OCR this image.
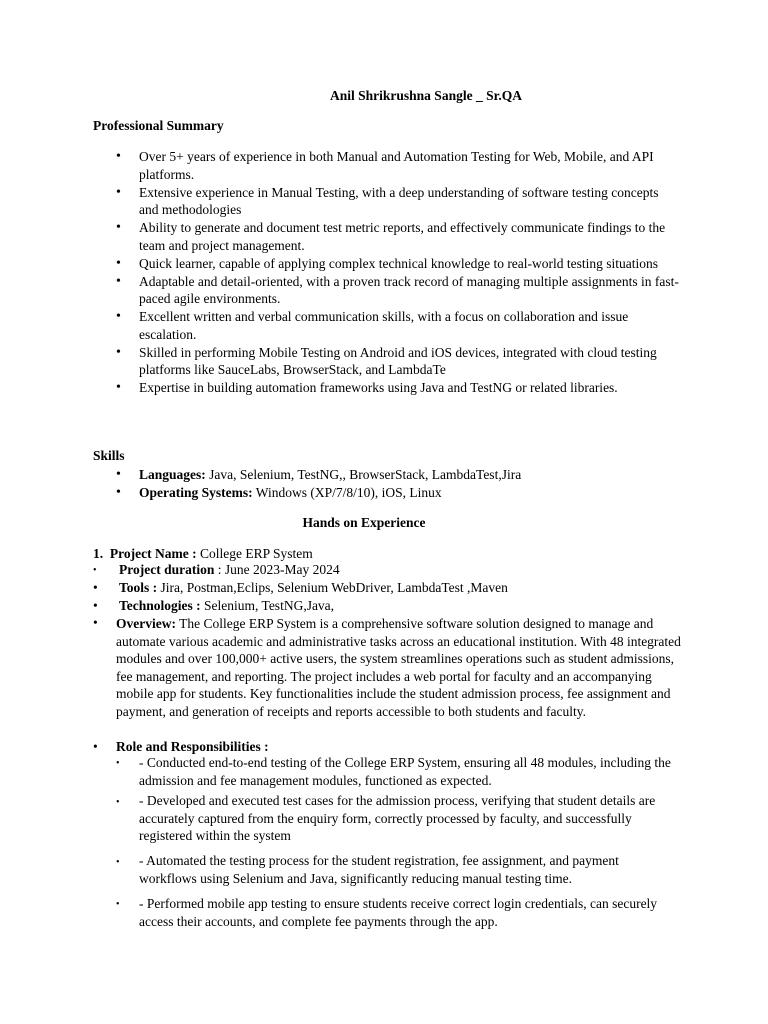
Anil Shrikrushna Sangle _ Sr.QA
Professional Summary
• Over 5+ years of experience in both Manual and Automation Testing for Web, Mobile, and API platforms.
• Extensive experience in Manual Testing, with a deep understanding of software testing concepts and methodologies
• Ability to generate and document test metric reports, and effectively communicate findings to the team and project management.
• Quick learner, capable of applying complex technical knowledge to real-world testing situations
• Adaptable and detail-oriented, with a proven track record of managing multiple assignments in fast-paced agile environments.
• Excellent written and verbal communication skills, with a focus on collaboration and issue escalation.
• Skilled in performing Mobile Testing on Android and iOS devices, integrated with cloud testing platforms like SauceLabs, BrowserStack, and LambdaTe
• Expertise in building automation frameworks using Java and TestNG or related libraries.
Skills
• Languages: Java, Selenium, TestNG,, BrowserStack, LambdaTest,Jira
• Operating Systems: Windows (XP/7/8/10), iOS, Linux
Hands on Experience
1. Project Name : College ERP System
• Project duration : June 2023-May 2024
• Tools : Jira, Postman,Eclips, Selenium WebDriver, LambdaTest ,Maven
• Technologies : Selenium, TestNG,Java,
• Overview: The College ERP System is a comprehensive software solution designed to manage and automate various academic and administrative tasks across an educational institution. With 48 integrated modules and over 100,000+ active users, the system streamlines operations such as student admissions, fee management, and reporting. The project includes a web portal for faculty and an accompanying mobile app for students. Key functionalities include the student admission process, fee assignment and payment, and generation of receipts and reports accessible to both students and faculty.
• Role and Responsibilities :
• - Conducted end-to-end testing of the College ERP System, ensuring all 48 modules, including the admission and fee management modules, functioned as expected.
• - Developed and executed test cases for the admission process, verifying that student details are accurately captured from the enquiry form, correctly processed by faculty, and successfully registered within the system
• - Automated the testing process for the student registration, fee assignment, and payment workflows using Selenium and Java, significantly reducing manual testing time.
• - Performed mobile app testing to ensure students receive correct login credentials, can securely access their accounts, and complete fee payments through the app.
